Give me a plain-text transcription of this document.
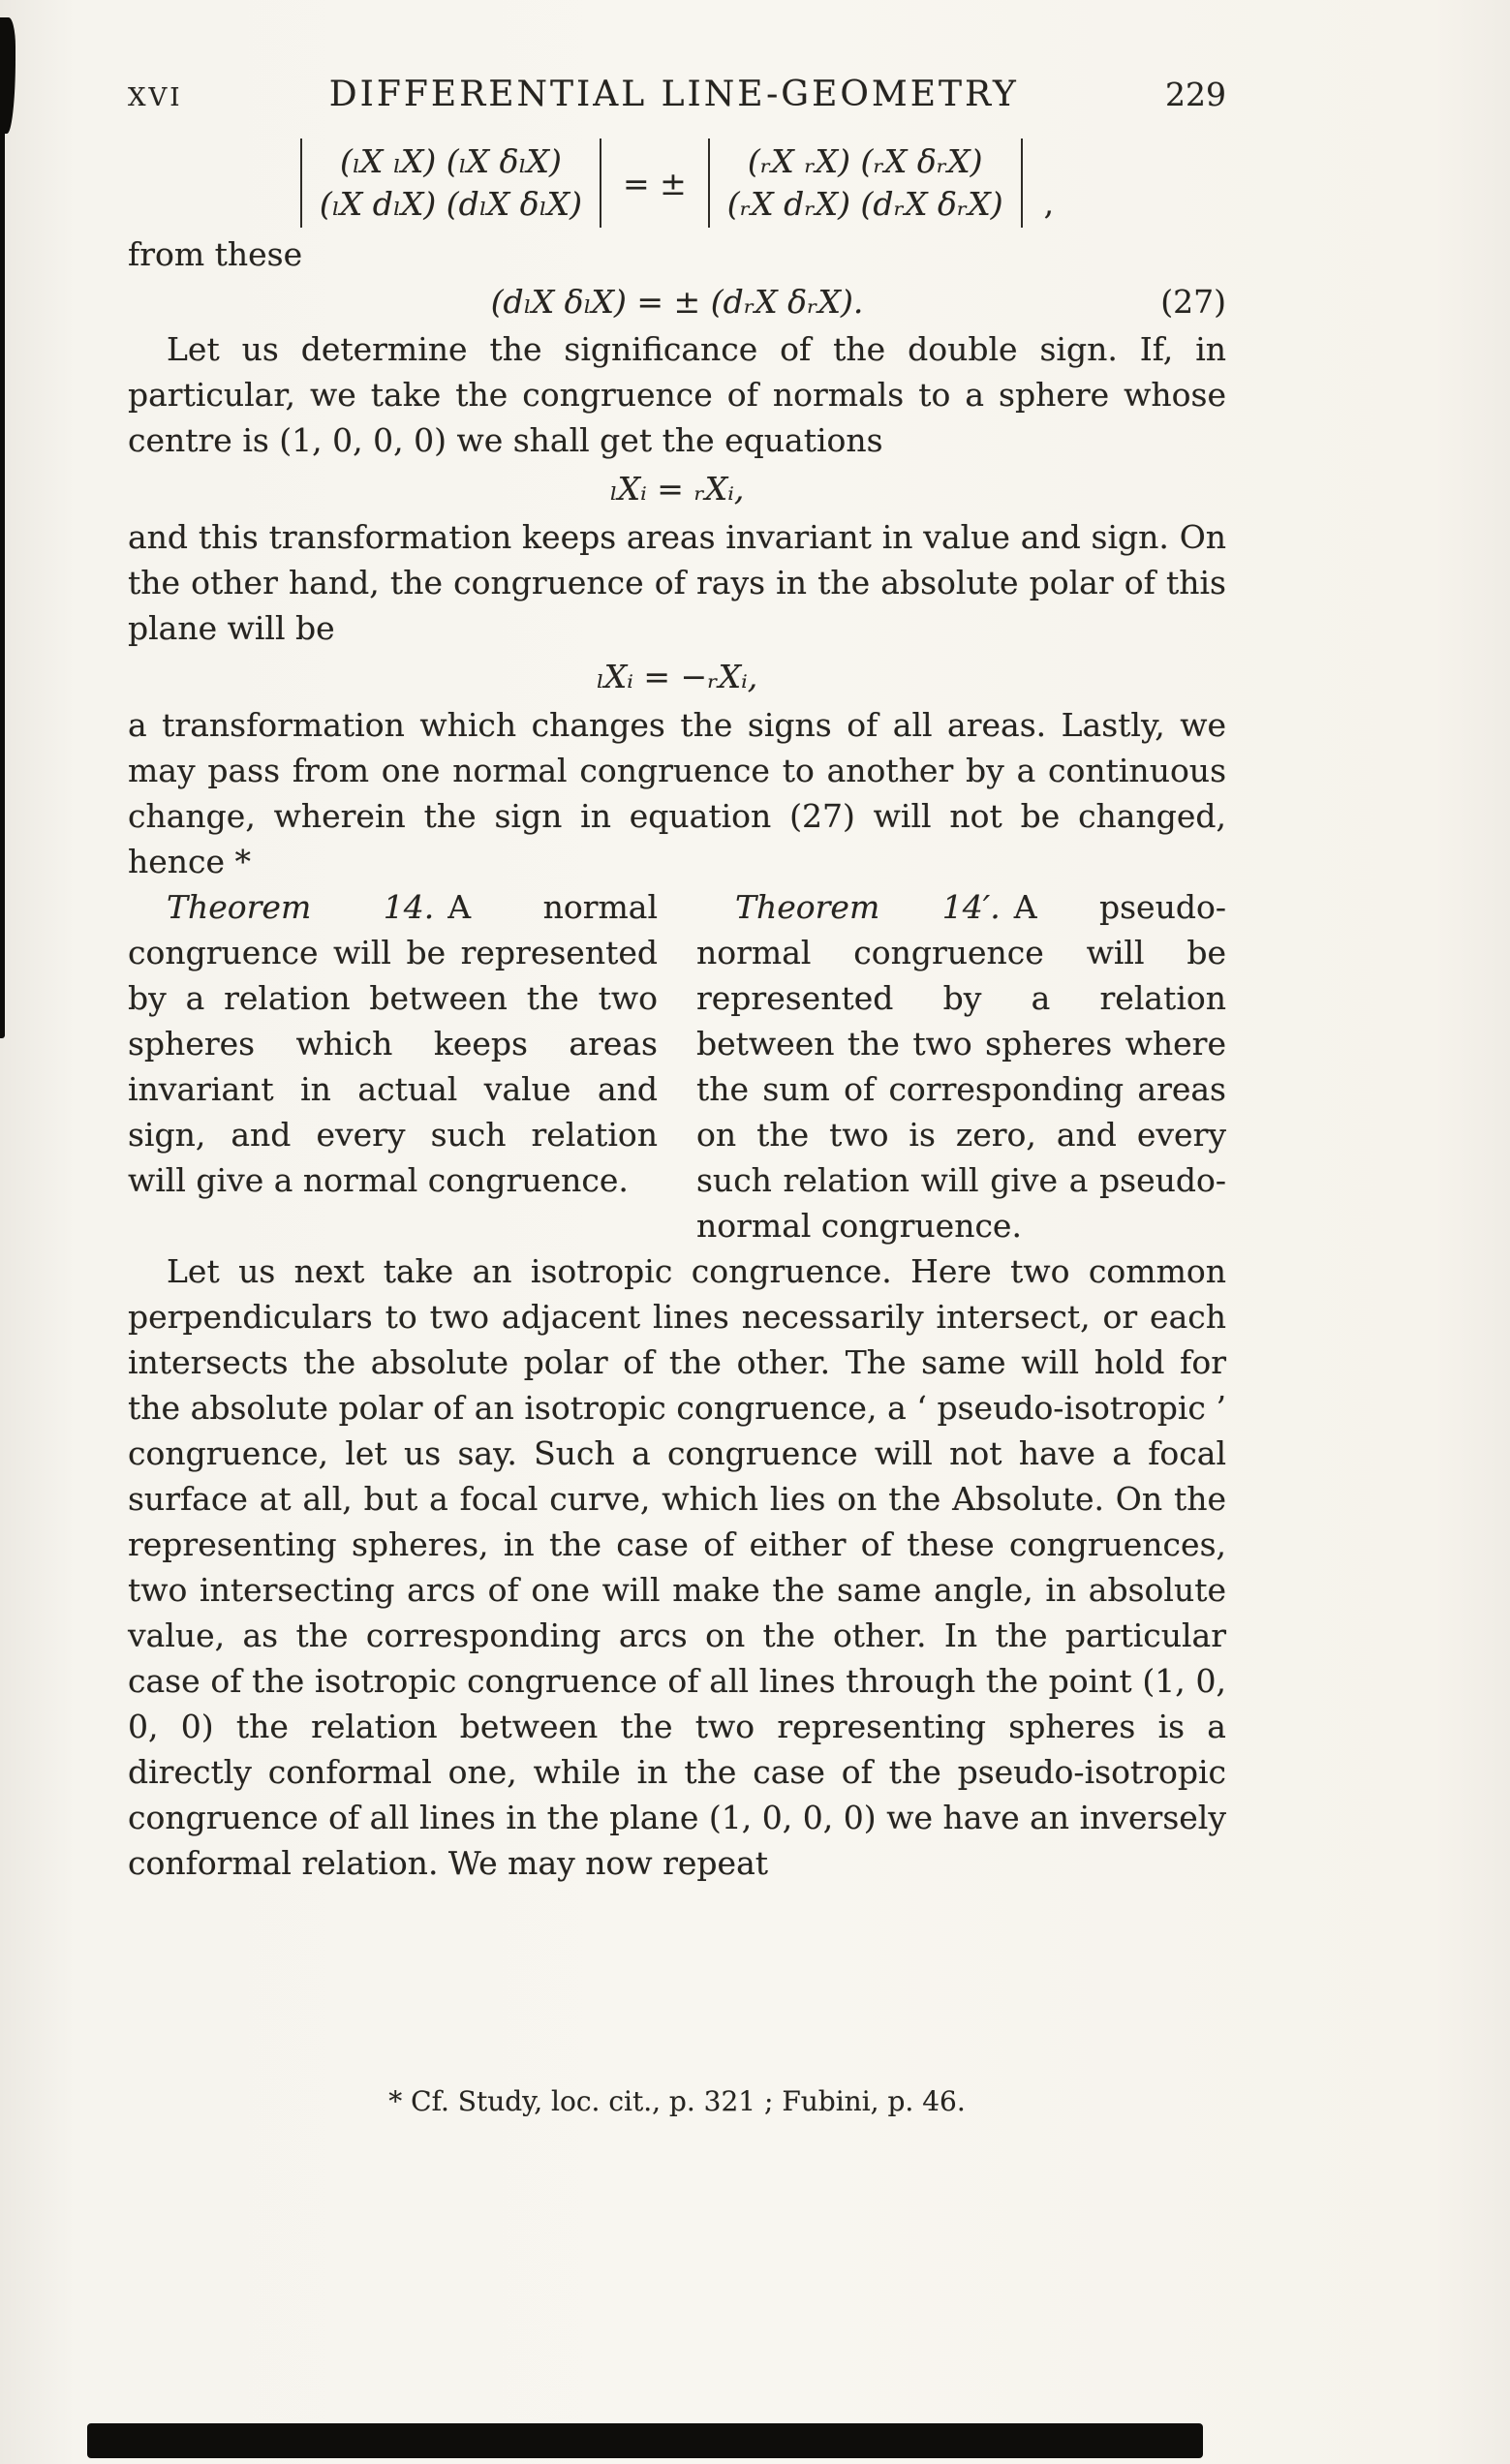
XVI	DIFFERENTIAL LINE-GEOMETRY	229
(ₗX ₗX) (ₗX δₗX)
(ₗX dₗX) (dₗX δₗX)
= ±
(ᵣX ᵣX) (ᵣX δᵣX)
(ᵣX dᵣX) (dᵣX δᵣX) ,
from these
(dₗX δₗX) = ± (dᵣX δᵣX).	(27)

Let us determine the significance of the double sign. If, in particular, we take the congruence of normals to a sphere whose centre is (1, 0, 0, 0) we shall get the equations

ₗXᵢ = ᵣXᵢ,

and this transformation keeps areas invariant in value and sign. On the other hand, the congruence of rays in the absolute polar of this plane will be

ₗXᵢ = −ᵣXᵢ,

a transformation which changes the signs of all areas. Lastly, we may pass from one normal congruence to another by a continuous change, wherein the sign in equation (27) will not be changed, hence *

Theorem 14. A normal congruence will be represented by a relation between the two spheres which keeps areas invariant in actual value and sign, and every such relation will give a normal congruence.

Theorem 14′. A pseudo-normal congruence will be represented by a relation between the two spheres where the sum of corresponding areas on the two is zero, and every such relation will give a pseudo-normal congruence.

Let us next take an isotropic congruence. Here two common perpendiculars to two adjacent lines necessarily intersect, or each intersects the absolute polar of the other. The same will hold for the absolute polar of an isotropic congruence, a ‘ pseudo-isotropic ’ congruence, let us say. Such a congruence will not have a focal surface at all, but a focal curve, which lies on the Absolute. On the representing spheres, in the case of either of these congruences, two intersecting arcs of one will make the same angle, in absolute value, as the corresponding arcs on the other. In the particular case of the isotropic congruence of all lines through the point (1, 0, 0, 0) the relation between the two representing spheres is a directly conformal one, while in the case of the pseudo-isotropic congruence of all lines in the plane (1, 0, 0, 0) we have an inversely conformal relation. We may now repeat

* Cf. Study, loc. cit., p. 321 ; Fubini, p. 46.
